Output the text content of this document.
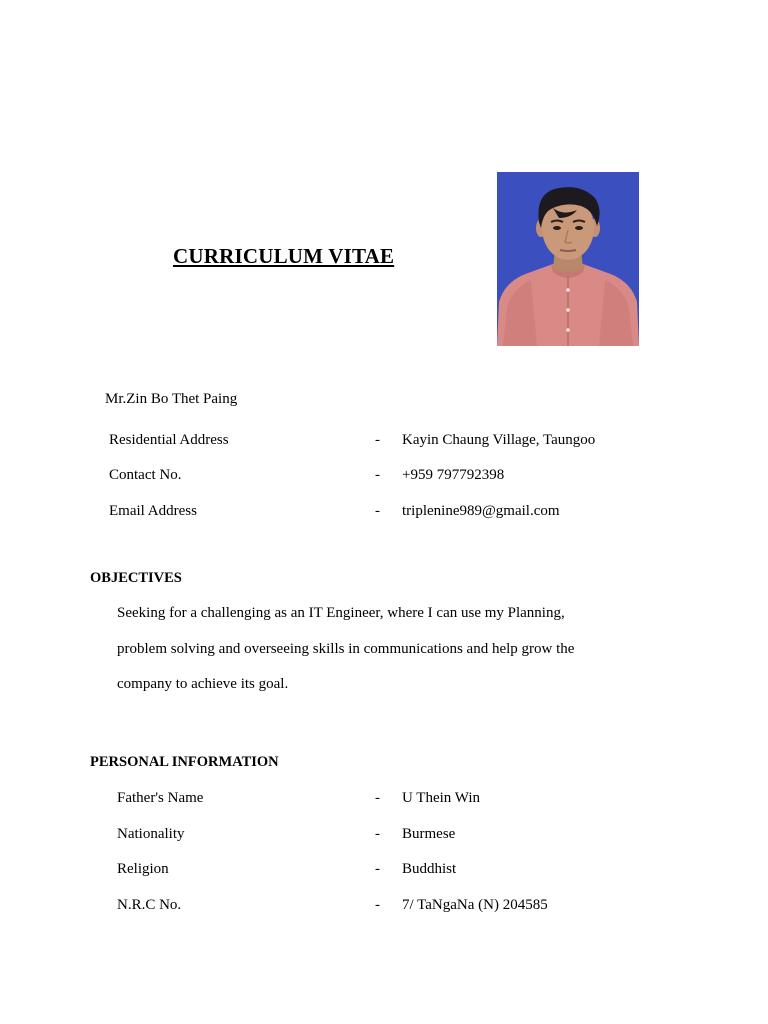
CURRICULUM VITAE
Mr.Zin Bo Thet Paing
Residential Address	- Kayin Chaung Village, Taungoo
Contact No.	- +959 797792398
Email Address	- triplenine989@gmail.com
OBJECTIVES
Seeking for a challenging as an IT Engineer, where I can use my Planning,
problem solving and overseeing skills in communications and help grow the
company to achieve its goal.
PERSONAL INFORMATION
Father's Name	- U Thein Win
Nationality	- Burmese
Religion	- Buddhist
N.R.C No.	- 7/ TaNgaNa (N) 204585
